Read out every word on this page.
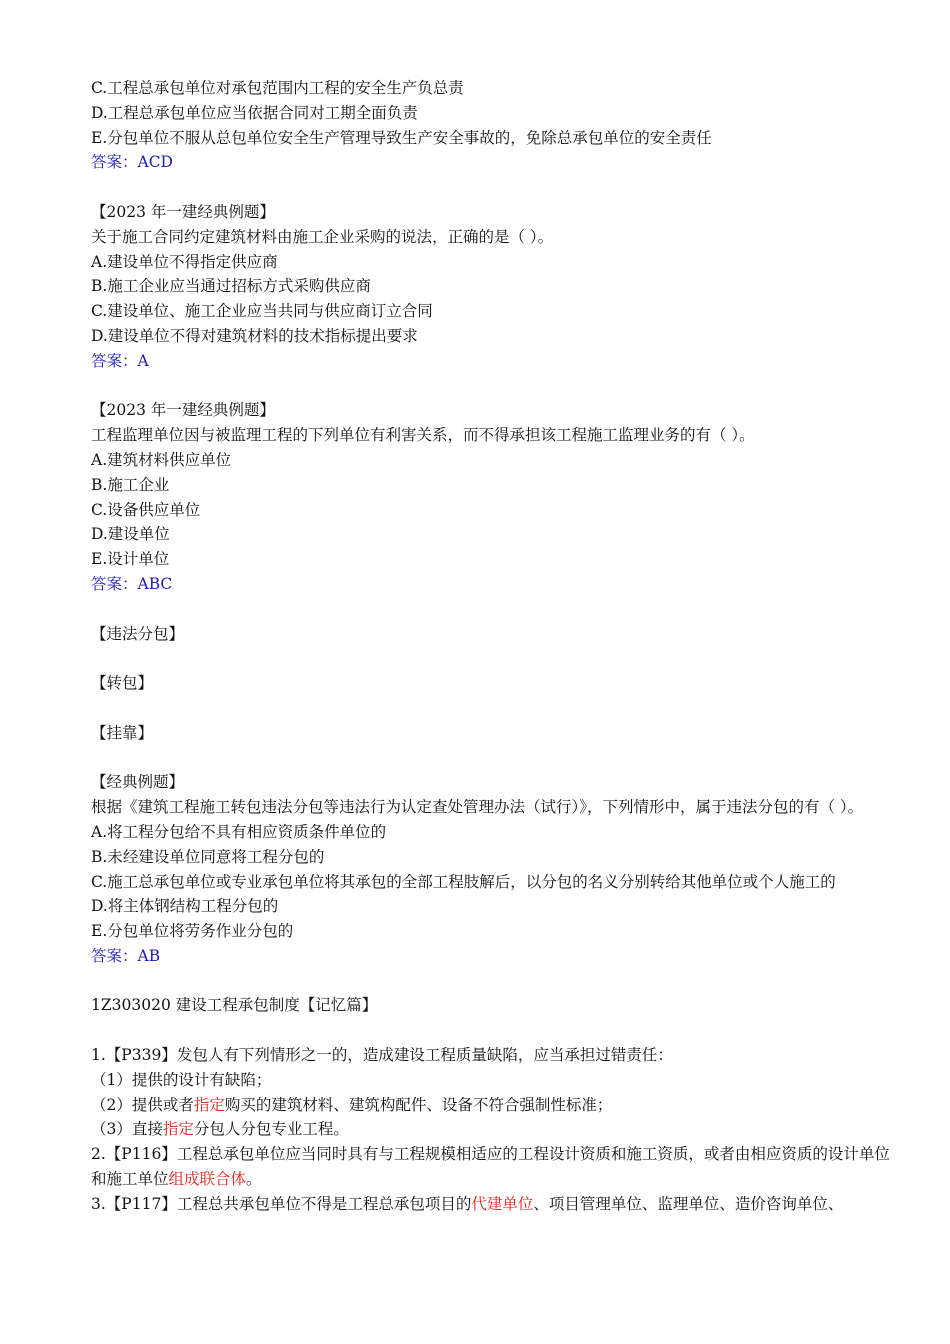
C.工程总承包单位对承包范围内工程的安全生产负总责
D.工程总承包单位应当依据合同对工期全面负责
E.分包单位不服从总包单位安全生产管理导致生产安全事故的，免除总承包单位的安全责任
答案：ACD
【2023 年一建经典例题】
关于施工合同约定建筑材料由施工企业采购的说法，正确的是（ ）。
A.建设单位不得指定供应商
B.施工企业应当通过招标方式采购供应商
C.建设单位、施工企业应当共同与供应商订立合同
D.建设单位不得对建筑材料的技术指标提出要求
答案：A
【2023 年一建经典例题】
工程监理单位因与被监理工程的下列单位有利害关系，而不得承担该工程施工监理业务的有（ ）。
A.建筑材料供应单位
B.施工企业
C.设备供应单位
D.建设单位
E.设计单位
答案：ABC
【违法分包】
【转包】
【挂靠】
【经典例题】
根据《建筑工程施工转包违法分包等违法行为认定查处管理办法（试行）》，下列情形中，属于违法分包的有（ ）。
A.将工程分包给不具有相应资质条件单位的
B.未经建设单位同意将工程分包的
C.施工总承包单位或专业承包单位将其承包的全部工程肢解后，以分包的名义分别转给其他单位或个人施工的
D.将主体钢结构工程分包的
E.分包单位将劳务作业分包的
答案：AB
1Z303020 建设工程承包制度【记忆篇】
1.【P339】发包人有下列情形之一的，造成建设工程质量缺陷，应当承担过错责任：
（1）提供的设计有缺陷；
（2）提供或者指定购买的建筑材料、建筑构配件、设备不符合强制性标准；
（3）直接指定分包人分包专业工程。
2.【P116】工程总承包单位应当同时具有与工程规模相适应的工程设计资质和施工资质，或者由相应资质的设计单位和施工单位组成联合体。
3.【P117】工程总共承包单位不得是工程总承包项目的代建单位、项目管理单位、监理单位、造价咨询单位、
